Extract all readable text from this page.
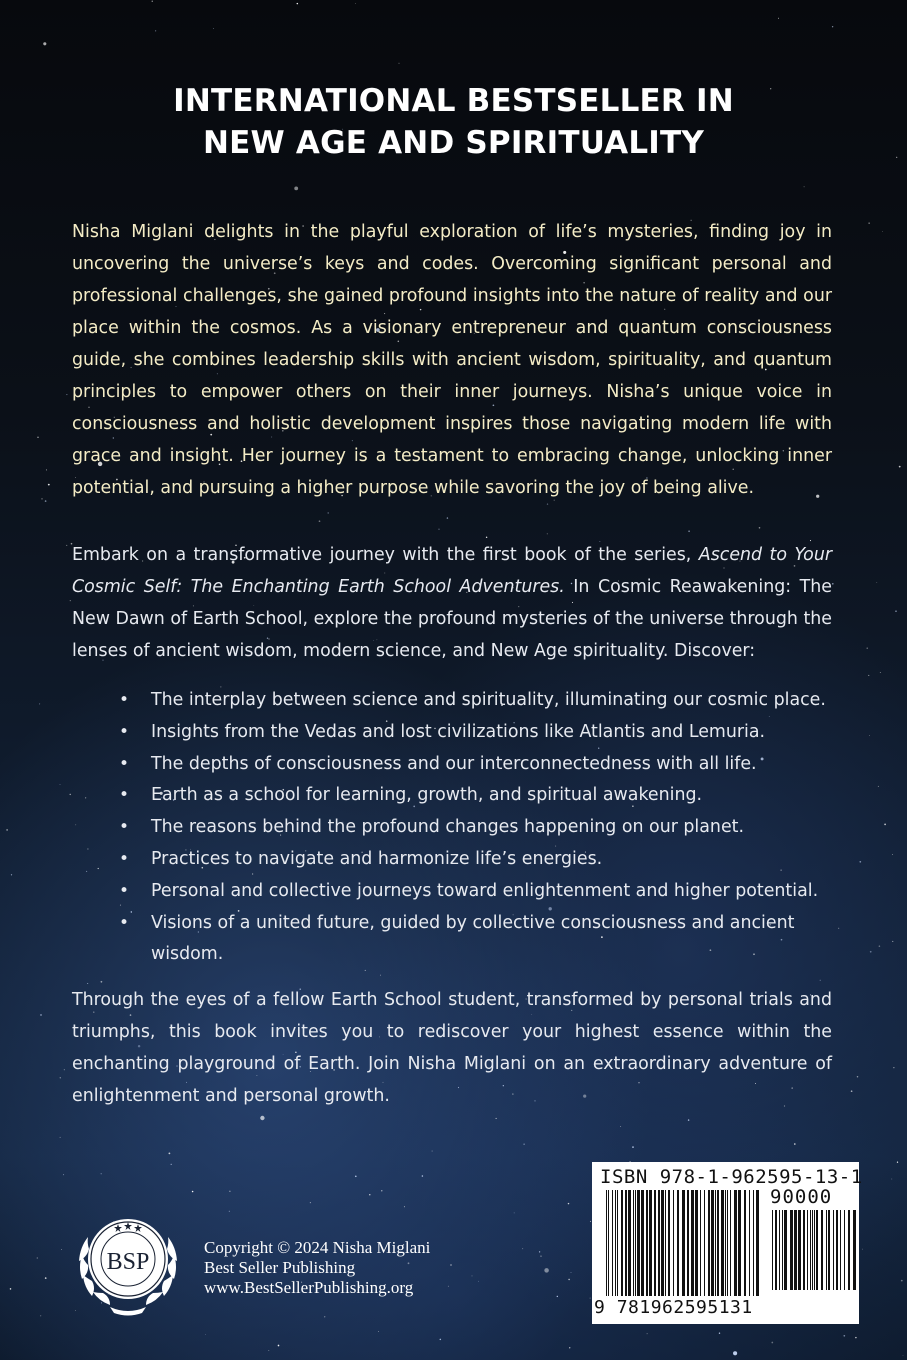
INTERNATIONAL BESTSELLER IN
NEW AGE AND SPIRITUALITY
Nisha Miglani delights in the playful exploration of life’s mysteries, finding joy in uncovering the universe’s keys and codes. Overcoming significant personal and professional challenges, she gained profound insights into the nature of reality and our place within the cosmos. As a visionary entrepreneur and quantum consciousness guide, she combines leadership skills with ancient wisdom, spirituality, and quantum principles to empower others on their inner journeys. Nisha’s unique voice in consciousness and holistic development inspires those navigating modern life with grace and insight. Her journey is a testament to embracing change, unlocking inner potential, and pursuing a higher purpose while savoring the joy of being alive.
Embark on a transformative journey with the first book of the series, Ascend to Your Cosmic Self: The Enchanting Earth School Adventures. In Cosmic Reawakening: The New Dawn of Earth School, explore the profound mysteries of the universe through the lenses of ancient wisdom, modern science, and New Age spirituality. Discover:
• The interplay between science and spirituality, illuminating our cosmic place.
• Insights from the Vedas and lost civilizations like Atlantis and Lemuria.
• The depths of consciousness and our interconnectedness with all life.
• Earth as a school for learning, growth, and spiritual awakening.
• The reasons behind the profound changes happening on our planet.
• Practices to navigate and harmonize life’s energies.
• Personal and collective journeys toward enlightenment and higher potential.
• Visions of a united future, guided by collective consciousness and ancient wisdom.
Through the eyes of a fellow Earth School student, transformed by personal trials and triumphs, this book invites you to rediscover your highest essence within the enchanting playground of Earth. Join Nisha Miglani on an extraordinary adventure of enlightenment and personal growth.
BSP
Copyright © 2024 Nisha Miglani
Best Seller Publishing
www.BestSellerPublishing.org
ISBN 978-1-962595-13-1
90000
9 781962595131
